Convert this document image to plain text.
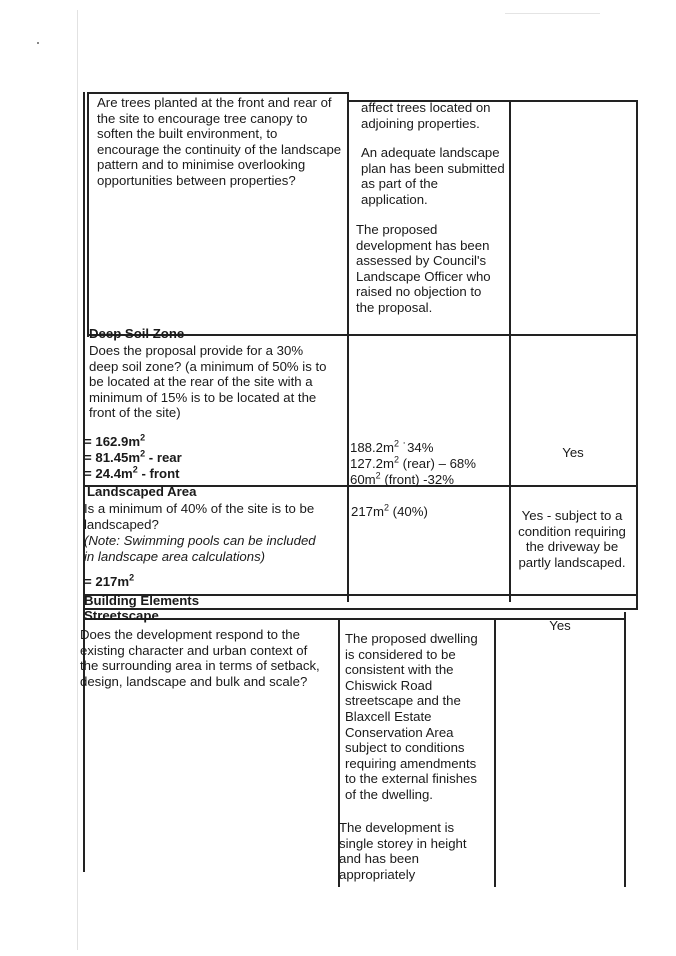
Are trees planted at the front and rear of
the site to encourage tree canopy to
soften the built environment, to
encourage the continuity of the landscape
pattern and to minimise overlooking
opportunities between properties?
affect trees located on
adjoining properties.
An adequate landscape
plan has been submitted
as part of the
application.
The proposed
development has been
assessed by Council's
Landscape Officer who
raised no objection to
the proposal.
Deep Soil Zone
Does the proposal provide for a 30%
deep soil zone? (a minimum of 50% is to
be located at the rear of the site with a
minimum of 15% is to be located at the
front of the site)
= $162.9m^2$
= $81.45m^2$ - rear
= $24.4m^2$ - front
$188.2m^2$ ˙34%
$127.2m^2$ (rear) – 68%
$60m^2$ (front) -32%
Yes
Landscaped Area
Is a minimum of 40% of the site is to be
landscaped?
(Note: Swimming pools can be included
in landscape area calculations)
= $217m^2$
$217m^2$ (40%)	Yes - subject to a
condition requiring
the driveway be
partly landscaped.
Building Elements
Streetscape
Does the development respond to the
existing character and urban context of
the surrounding area in terms of setback,
design, landscape and bulk and scale?
The proposed dwelling
is considered to be
consistent with the
Chiswick Road
streetscape and the
Blaxcell Estate
Conservation Area
subject to conditions
requiring amendments
to the external finishes
of the dwelling.
The development is
single storey in height
and has been
appropriately
Yes
